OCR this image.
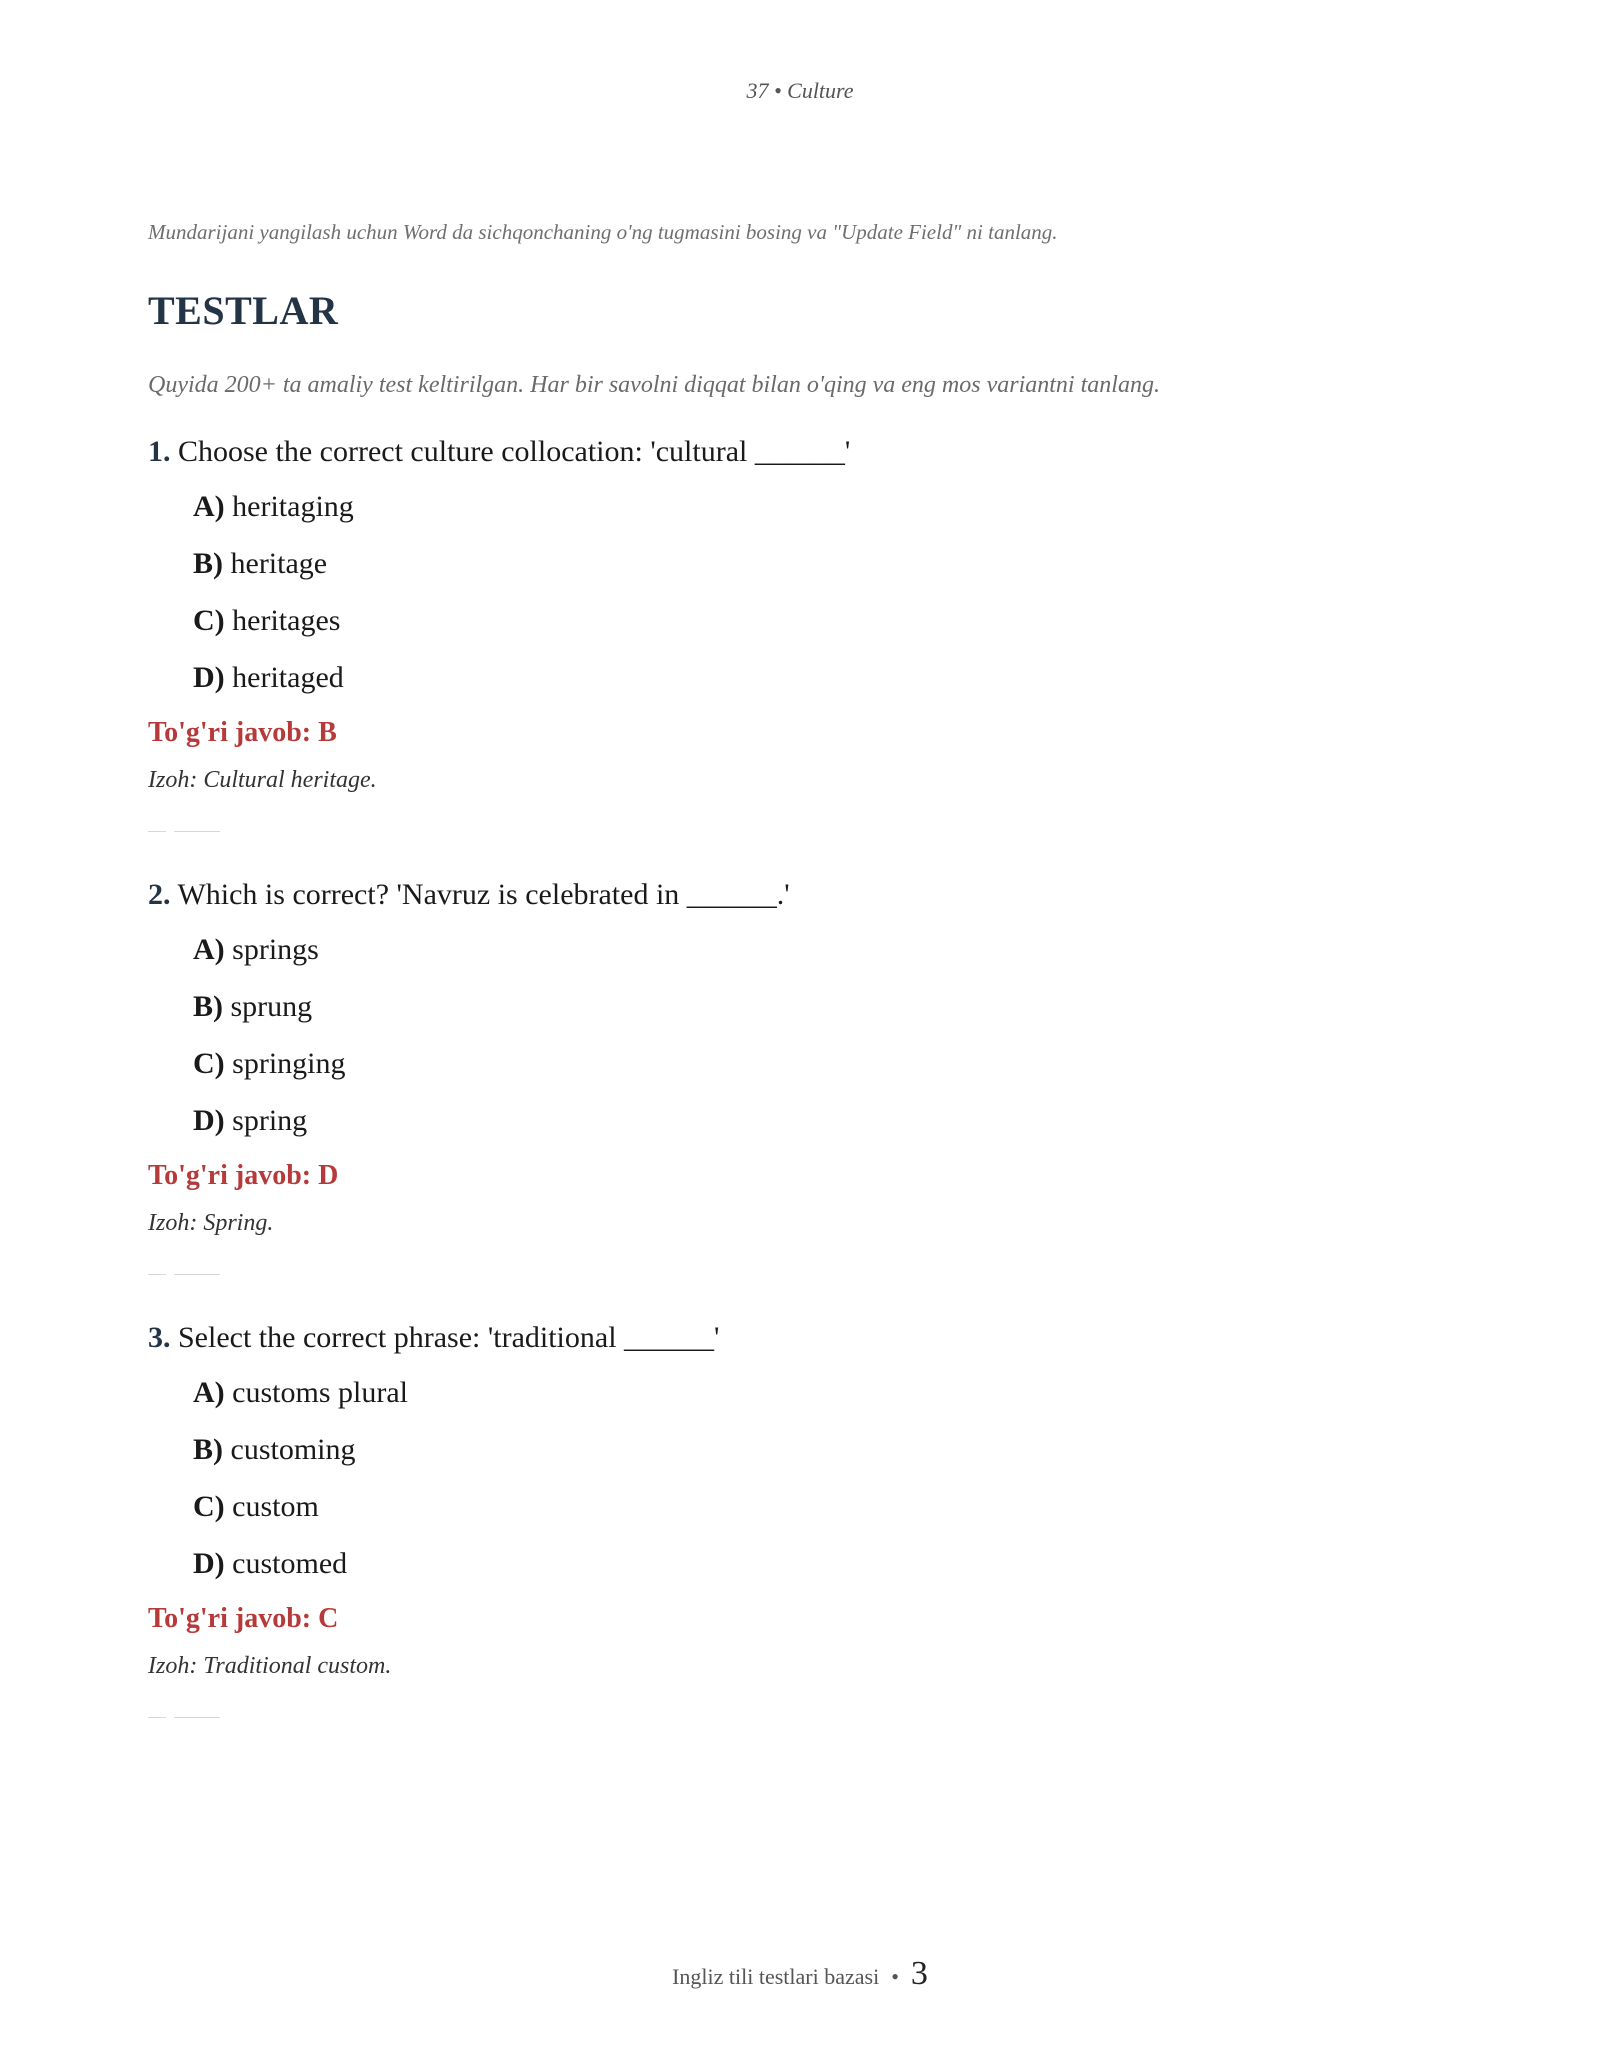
37 • Culture

Mundarijani yangilash uchun Word da sichqonchaning o'ng tugmasini bosing va "Update Field" ni tanlang.

TESTLAR

Quyida 200+ ta amaliy test keltirilgan. Har bir savolni diqqat bilan o'qing va eng mos variantni tanlang.

1. Choose the correct culture collocation: 'cultural ______'

A) heritaging
B) heritage
C) heritages
D) heritaged

To'g'ri javob: B

Izoh: Cultural heritage.

2. Which is correct? 'Navruz is celebrated in ______.'

A) springs
B) sprung
C) springing
D) spring

To'g'ri javob: D

Izoh: Spring.

3. Select the correct phrase: 'traditional ______'

A) customs plural
B) customing
C) custom
D) customed

To'g'ri javob: C

Izoh: Traditional custom.

Ingliz tili testlari bazasi • 3
